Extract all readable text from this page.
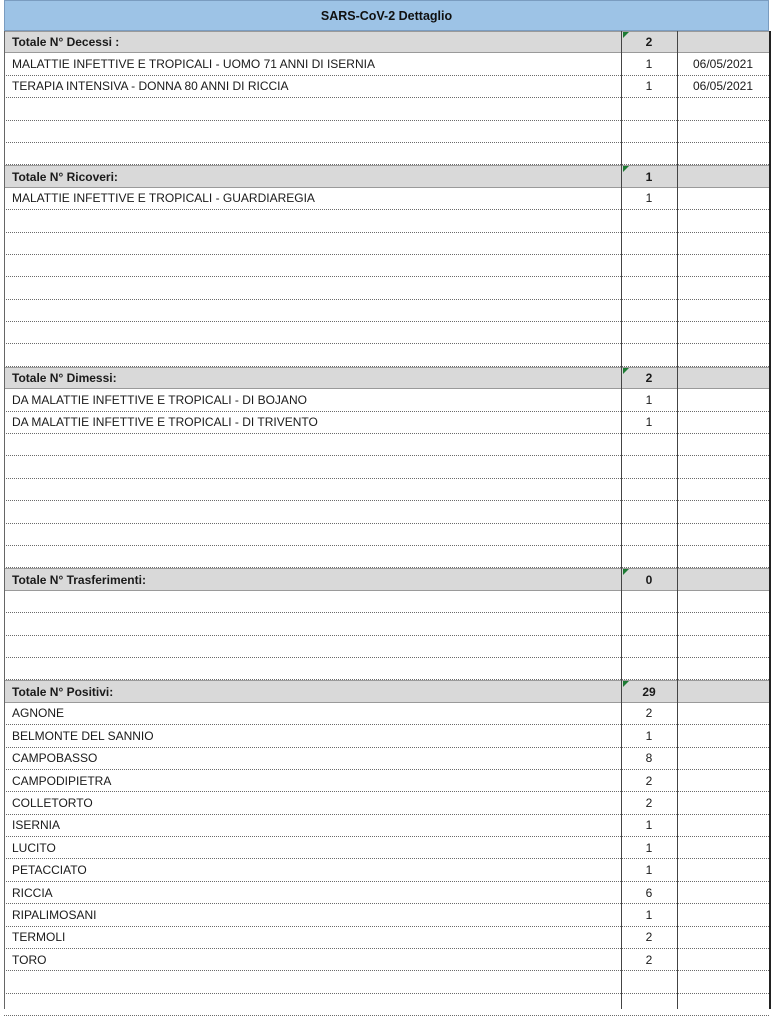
SARS-CoV-2 Dettaglio
Totale N° Decessi :	2
MALATTIE INFETTIVE E TROPICALI - UOMO 71 ANNI DI ISERNIA	1	06/05/2021
TERAPIA INTENSIVA - DONNA 80 ANNI DI RICCIA	1	06/05/2021
Totale N° Ricoveri:	1
MALATTIE INFETTIVE E TROPICALI - GUARDIAREGIA	1
Totale N° Dimessi:	2
DA MALATTIE INFETTIVE E TROPICALI - DI BOJANO	1
DA MALATTIE INFETTIVE E TROPICALI - DI TRIVENTO	1
Totale N° Trasferimenti:	0
Totale N° Positivi:	29
AGNONE	2
BELMONTE DEL SANNIO	1
CAMPOBASSO	8
CAMPODIPIETRA	2
COLLETORTO	2
ISERNIA	1
LUCITO	1
PETACCIATO	1
RICCIA	6
RIPALIMOSANI	1
TERMOLI	2
TORO	2
